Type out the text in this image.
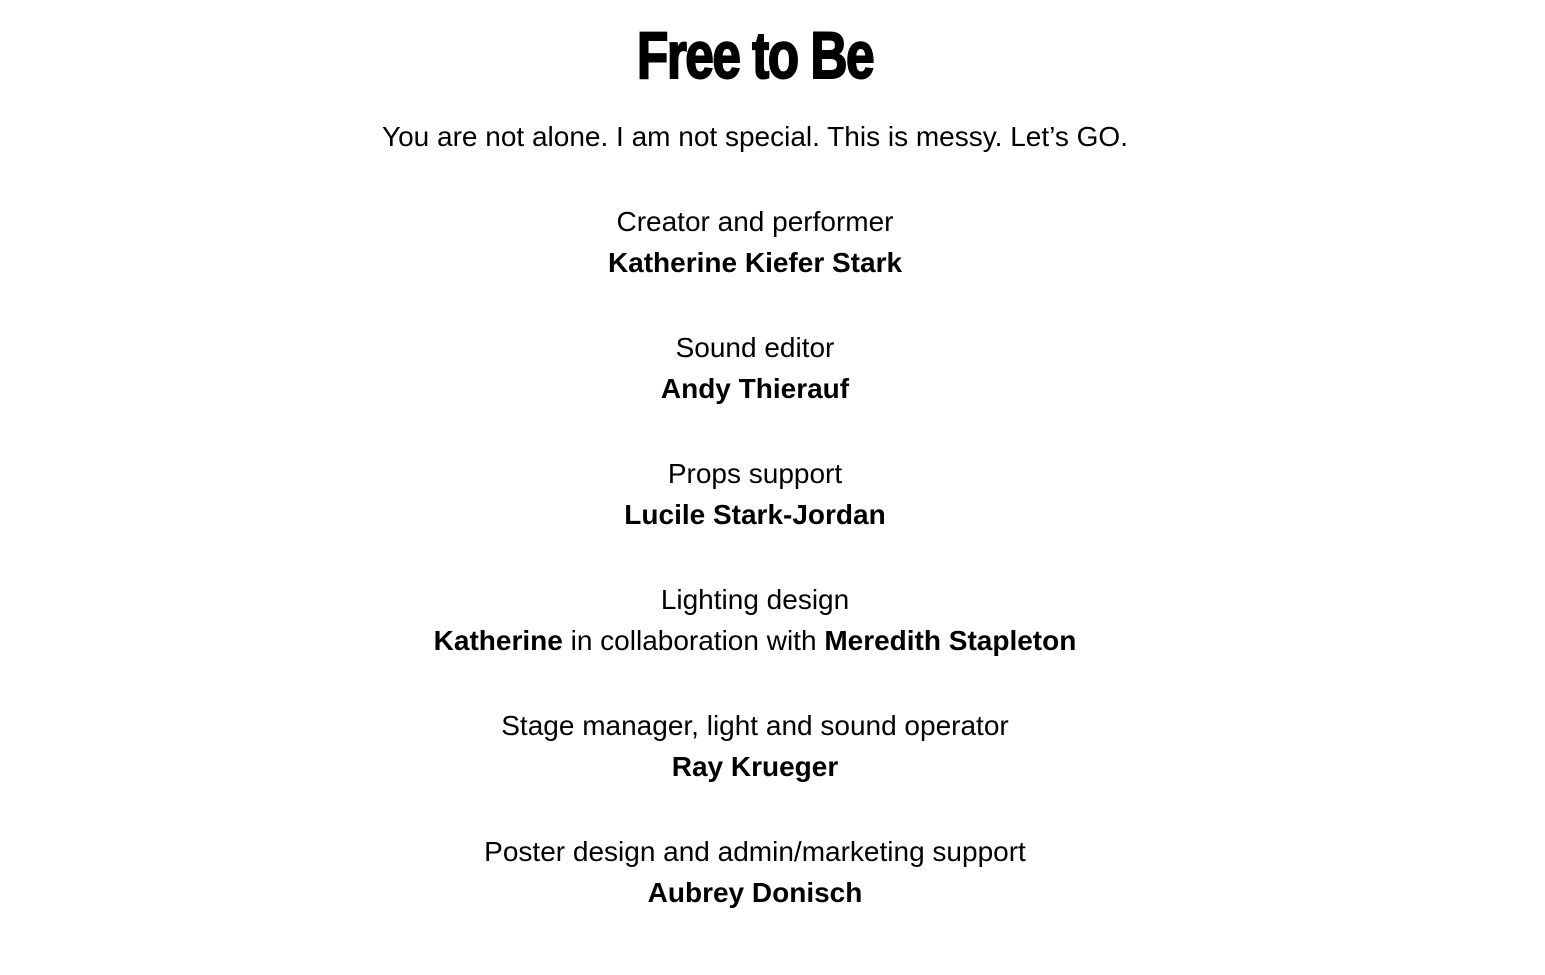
Free to Be

You are not alone. I am not special. This is messy. Let’s GO.

Creator and performer
Katherine Kiefer Stark
Sound editor
Andy Thierauf
Props support
Lucile Stark-Jordan
Lighting design
Katherine in collaboration with Meredith Stapleton
Stage manager, light and sound operator
Ray Krueger
Poster design and admin/marketing support
Aubrey Donisch
